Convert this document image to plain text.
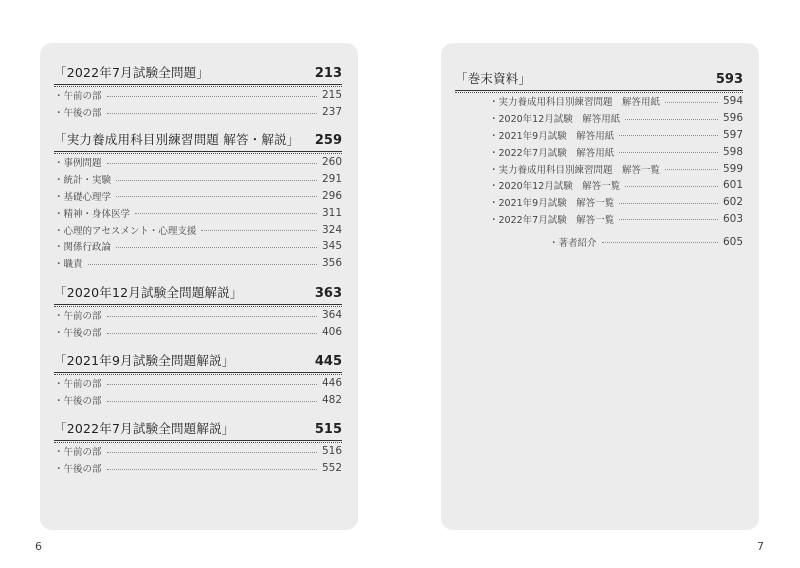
「2022年7月試験全問題」	213
・午前の部	215
・午後の部	237
「実力養成用科目別練習問題 解答・解説」 259
・事例問題	260
・統計・実験	291
・基礎心理学	296
・精神・身体医学	311
・心理的アセスメント・心理支援	324
・関係行政論	345
・職責	356
「2020年12月試験全問題解説」	363
・午前の部	364
・午後の部	406
「2021年9月試験全問題解説」	445
・午前の部	446
・午後の部	482
「2022年7月試験全問題解説」	515
・午前の部	516
・午後の部	552
「巻末資料」	593
・実力養成用科目別練習問題　解答用紙	594
・2020年12月試験　解答用紙	596
・2021年9月試験　解答用紙	597
・2022年7月試験　解答用紙	598
・実力養成用科目別練習問題　解答一覧	599
・2020年12月試験　解答一覧	601
・2021年9月試験　解答一覧	602
・2022年7月試験　解答一覧	603
・著者紹介	605
6	7
